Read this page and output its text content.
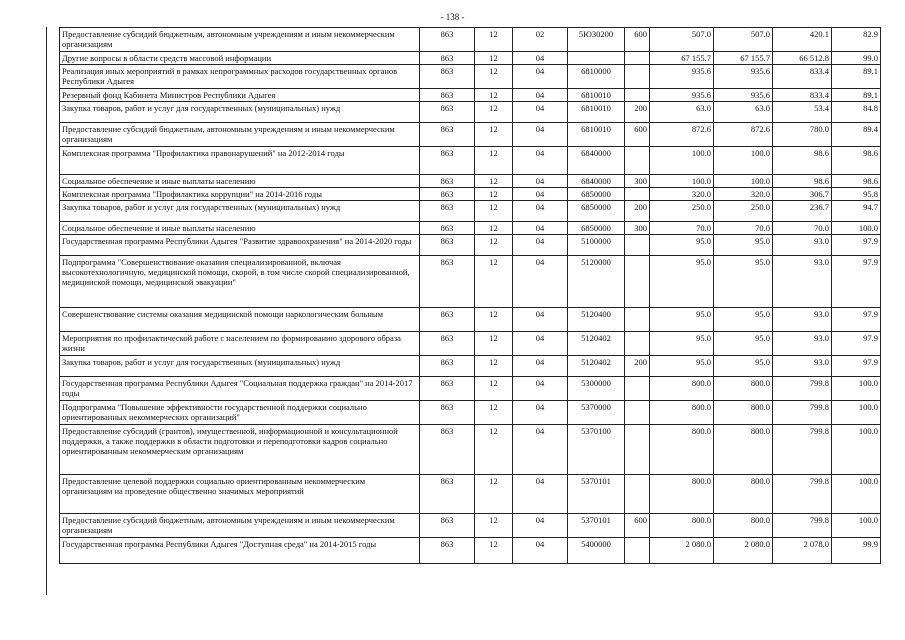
- 138 -
Предоставление субсидий бюджетным, автономным учреждениям и иным некоммерческим организациям	863	12	02	5Ю30200	600	507.0	507.0	420.1	82.9
Другие вопросы в области средств массовой информации	863	12	04			67 155.7	67 155.7	66 512.8	99.0
Реализация иных мероприятий в рамках непрограммных расходов государственных органов Республики Адыгея	863	12	04	6810000		935.6	935.6	833.4	89.1
Резервный фонд Кабинета Министров Республики Адыгея	863	12	04	6810010		935.6	935.6	833.4	89.1
Закупка товаров, работ и услуг для государственных (муниципальных) нужд	863	12	04	6810010	200	63.0	63.0	53.4	84.8
Предоставление субсидий бюджетным, автономным учреждениям и иным некоммерческим организациям	863	12	04	6810010	600	872.6	872.6	780.0	89.4
Комплексная программа "Профилактика правонарушений" на 2012-2014 годы	863	12	04	6840000		100.0	100.0	98.6	98.6
Социальное обеспечение и иные выплаты населению	863	12	04	6840000	300	100.0	100.0	98.6	98.6
Комплексная программа "Профилактика коррупции" на 2014-2016 годы	863	12	04	6850000		320.0	320.0	306.7	95.8
Закупка товаров, работ и услуг для государственных (муниципальных) нужд	863	12	04	6850000	200	250.0	250.0	236.7	94.7
Социальное обеспечение и иные выплаты населению	863	12	04	6850000	300	70.0	70.0	70.0	100.0
Государственная программа Республики Адыгея "Развитие здравоохранения" на 2014-2020 годы	863	12	04	5100000		95.0	95.0	93.0	97.9
Подпрограмма "Совершенствование оказания специализированной, включая высокотехнологичную, медицинской помощи, скорой, в том числе скорой специализированной, медицинской помощи, медицинской эвакуации"	863	12	04	5120000		95.0	95.0	93.0	97.9
Совершенствование системы оказания медицинской помощи наркологическим больным	863	12	04	5120400		95.0	95.0	93.0	97.9
Мероприятия по профилактической работе с населением по формированию здорового образа жизни	863	12	04	5120402		95.0	95.0	93.0	97.9
Закупка товаров, работ и услуг для государственных (муниципальных) нужд	863	12	04	5120402	200	95.0	95.0	93.0	97.9
Государственная программа Республики Адыгея "Социальная поддержка граждан" на 2014-2017 годы	863	12	04	5300000		800.0	800.0	799.8	100.0
Подпрограмма "Повышение эффективности государственной поддержки социально ориентированных некоммерческих организаций"	863	12	04	5370000		800.0	800.0	799.8	100.0
Предоставление субсидий (грантов), имущественной, информационной и консультационной поддержки, а также поддержки в области подготовки и переподготовки кадров социально ориентированным некоммерческим организациям	863	12	04	5370100		800.0	800.0	799.8	100.0
Предоставление целевой поддержки социально ориентированным некоммерческим организациям на проведение общественно значимых мероприятий	863	12	04	5370101		800.0	800.0	799.8	100.0
Предоставление субсидий бюджетным, автономным учреждениям и иным некоммерческим организациям	863	12	04	5370101	600	800.0	800.0	799.8	100.0
Государственная программа Республики Адыгея "Доступная среда" на 2014-2015 годы	863	12	04	5400000		2 080.0	2 080.0	2 078.0	99.9
